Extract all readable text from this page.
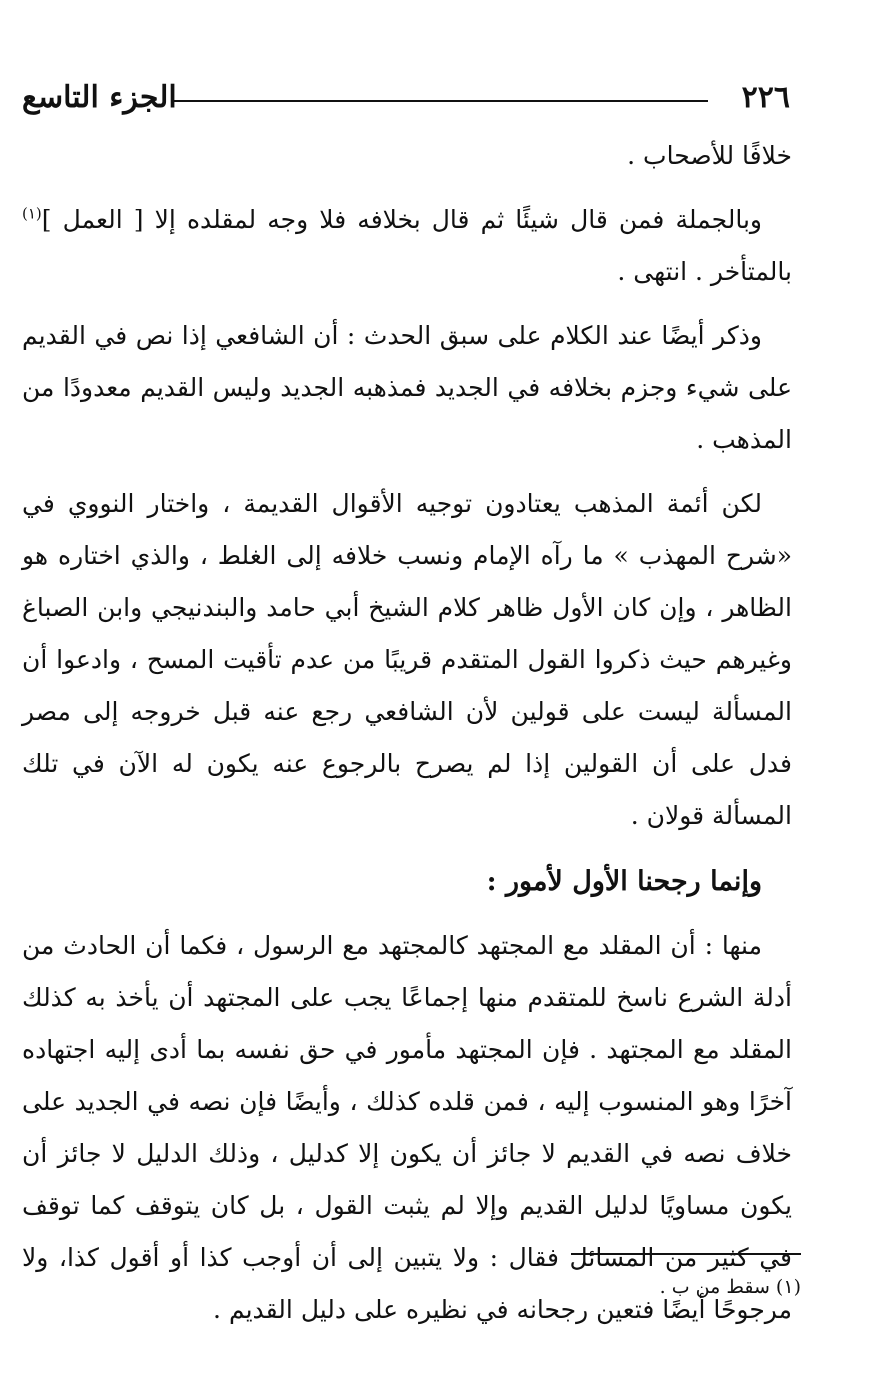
٢٢٦
الجزء التاسع

خلافًا للأصحاب .

وبالجملة فمن قال شيئًا ثم قال بخلافه فلا وجه لمقلده إلا [ العمل ]$^{(١)}$ بالمتأخر . انتهى .

وذكر أيضًا عند الكلام على سبق الحدث : أن الشافعي إذا نص في القديم على شيء وجزم بخلافه في الجديد فمذهبه الجديد وليس القديم معدودًا من المذهب .

لكن أئمة المذهب يعتادون توجيه الأقوال القديمة ، واختار النووي في «شرح المهذب » ما رآه الإمام ونسب خلافه إلى الغلط ، والذي اختاره هو الظاهر ، وإن كان الأول ظاهر كلام الشيخ أبي حامد والبندنيجي وابن الصباغ وغيرهم حيث ذكروا القول المتقدم قريبًا من عدم تأقيت المسح ، وادعوا أن المسألة ليست على قولين لأن الشافعي رجع عنه قبل خروجه إلى مصر فدل على أن القولين إذا لم يصرح بالرجوع عنه يكون له الآن في تلك المسألة قولان .

وإنما رجحنا الأول لأمور :

منها : أن المقلد مع المجتهد كالمجتهد مع الرسول ، فكما أن الحادث من أدلة الشرع ناسخ للمتقدم منها إجماعًا يجب على المجتهد أن يأخذ به كذلك المقلد مع المجتهد . فإن المجتهد مأمور في حق نفسه بما أدى إليه اجتهاده آخرًا وهو المنسوب إليه ، فمن قلده كذلك ، وأيضًا فإن نصه في الجديد على خلاف نصه في القديم لا جائز أن يكون إلا كدليل ، وذلك الدليل لا جائز أن يكون مساويًا لدليل القديم وإلا لم يثبت القول ، بل كان يتوقف كما توقف في كثير من المسائل فقال : ولا يتبين إلى أن أوجب كذا أو أقول كذا، ولا مرجوحًا أيضًا فتعين رجحانه في نظيره على دليل القديم .

(١) سقط من ب .
